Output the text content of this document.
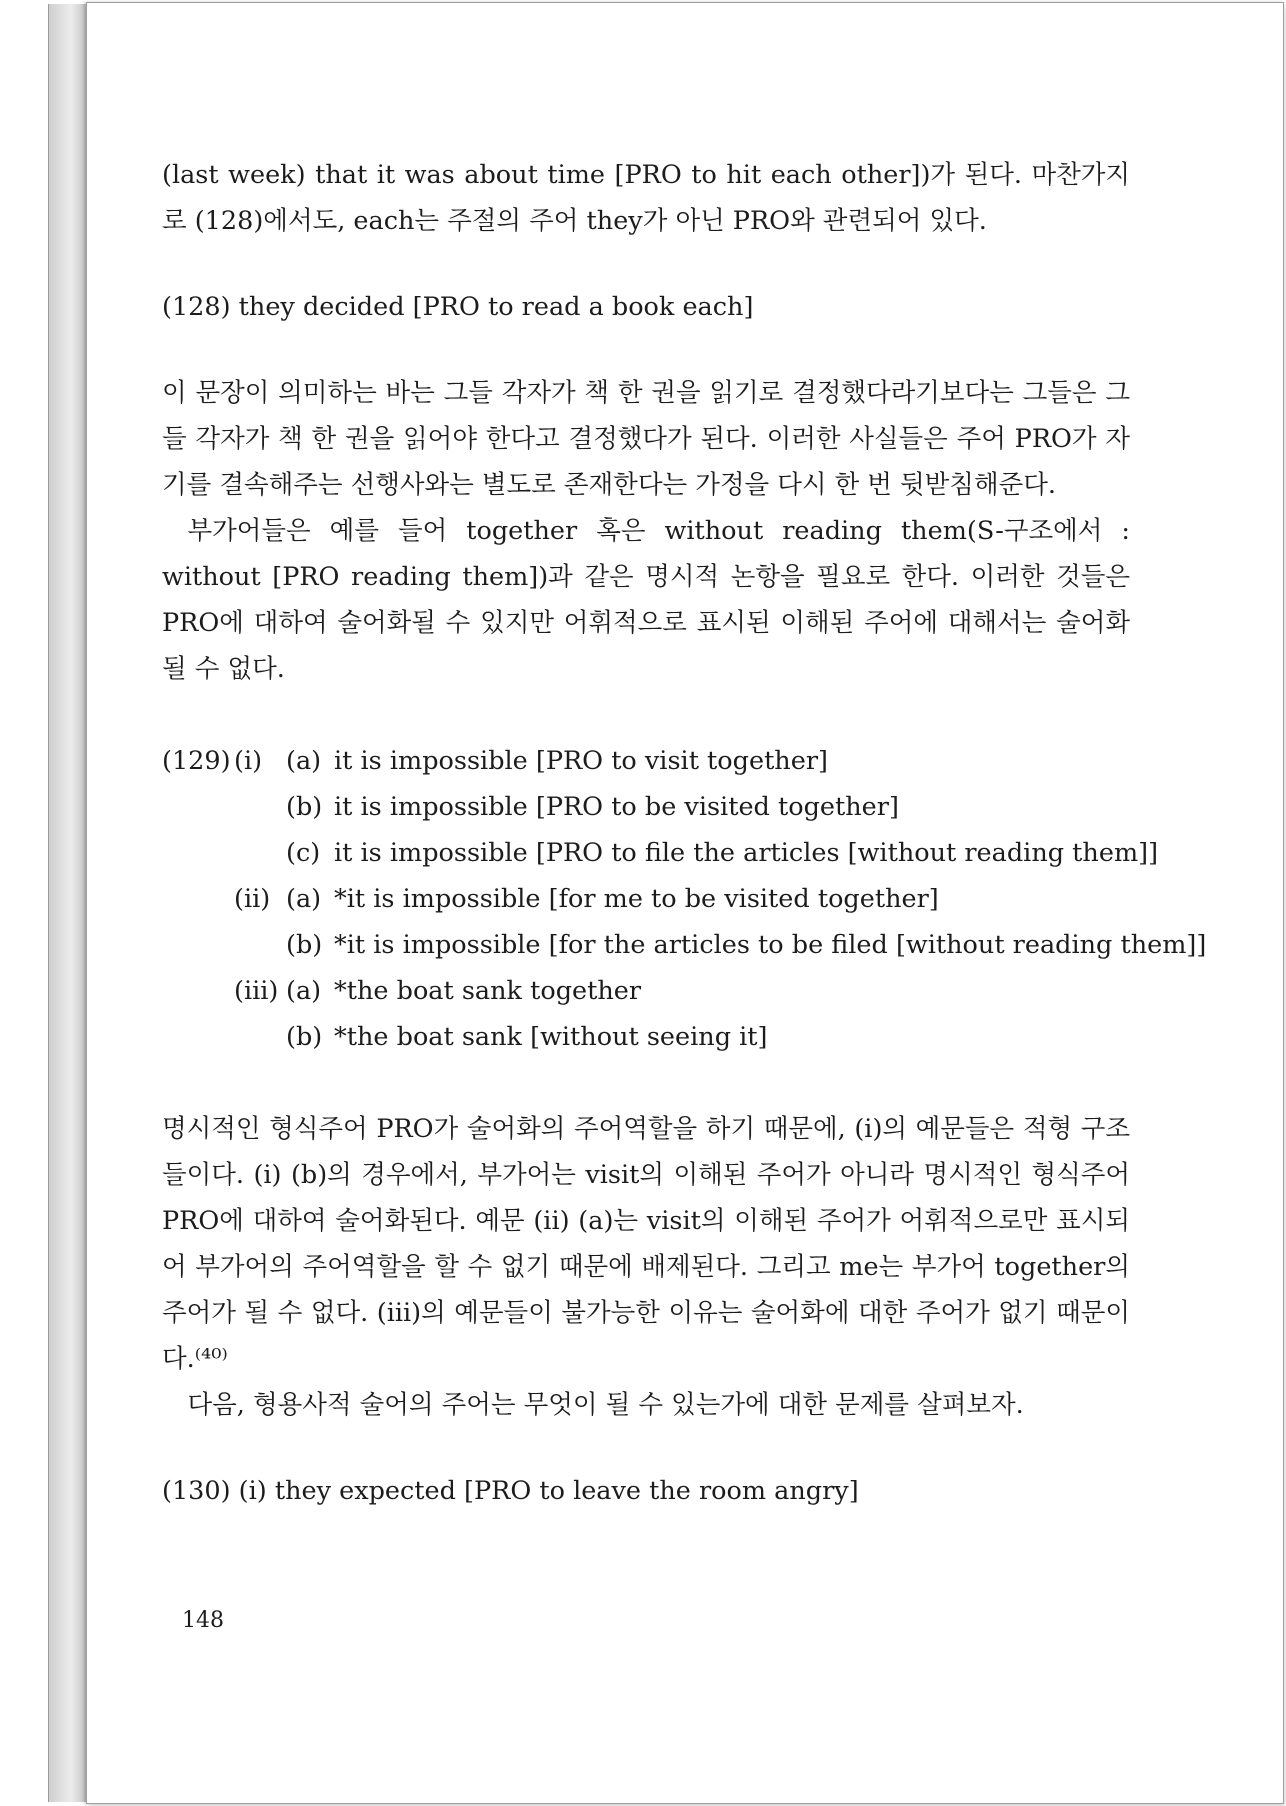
(last week) that it was about time [PRO to hit each other])가 된다. 마찬가지로 (128)에서도, each는 주절의 주어 they가 아닌 PRO와 관련되어 있다.

(128) they decided [PRO to read a book each]

이 문장이 의미하는 바는 그들 각자가 책 한 권을 읽기로 결정했다라기보다는 그들은 그들 각자가 책 한 권을 읽어야 한다고 결정했다가 된다. 이러한 사실들은 주어 PRO가 자기를 결속해주는 선행사와는 별도로 존재한다는 가정을 다시 한 번 뒷받침해준다.

부가어들은 예를 들어 together 혹은 without reading them(S-구조에서 : without [PRO reading them])과 같은 명시적 논항을 필요로 한다. 이러한 것들은 PRO에 대하여 술어화될 수 있지만 어휘적으로 표시된 이해된 주어에 대해서는 술어화될 수 없다.

(129) (i) (a) it is impossible [PRO to visit together]
(b) it is impossible [PRO to be visited together]
(c) it is impossible [PRO to file the articles [without reading them]]
(ii) (a) *it is impossible [for me to be visited together]
(b) *it is impossible [for the articles to be filed [without reading them]]
(iii) (a) *the boat sank together
(b) *the boat sank [without seeing it]

명시적인 형식주어 PRO가 술어화의 주어역할을 하기 때문에, (i)의 예문들은 적형 구조들이다. (i) (b)의 경우에서, 부가어는 visit의 이해된 주어가 아니라 명시적인 형식주어 PRO에 대하여 술어화된다. 예문 (ii) (a)는 visit의 이해된 주어가 어휘적으로만 표시되어 부가어의 주어역할을 할 수 없기 때문에 배제된다. 그리고 me는 부가어 together의 주어가 될 수 없다. (iii)의 예문들이 불가능한 이유는 술어화에 대한 주어가 없기 때문이다.⁽⁴⁰⁾

다음, 형용사적 술어의 주어는 무엇이 될 수 있는가에 대한 문제를 살펴보자.

(130) (i) they expected [PRO to leave the room angry]

148
